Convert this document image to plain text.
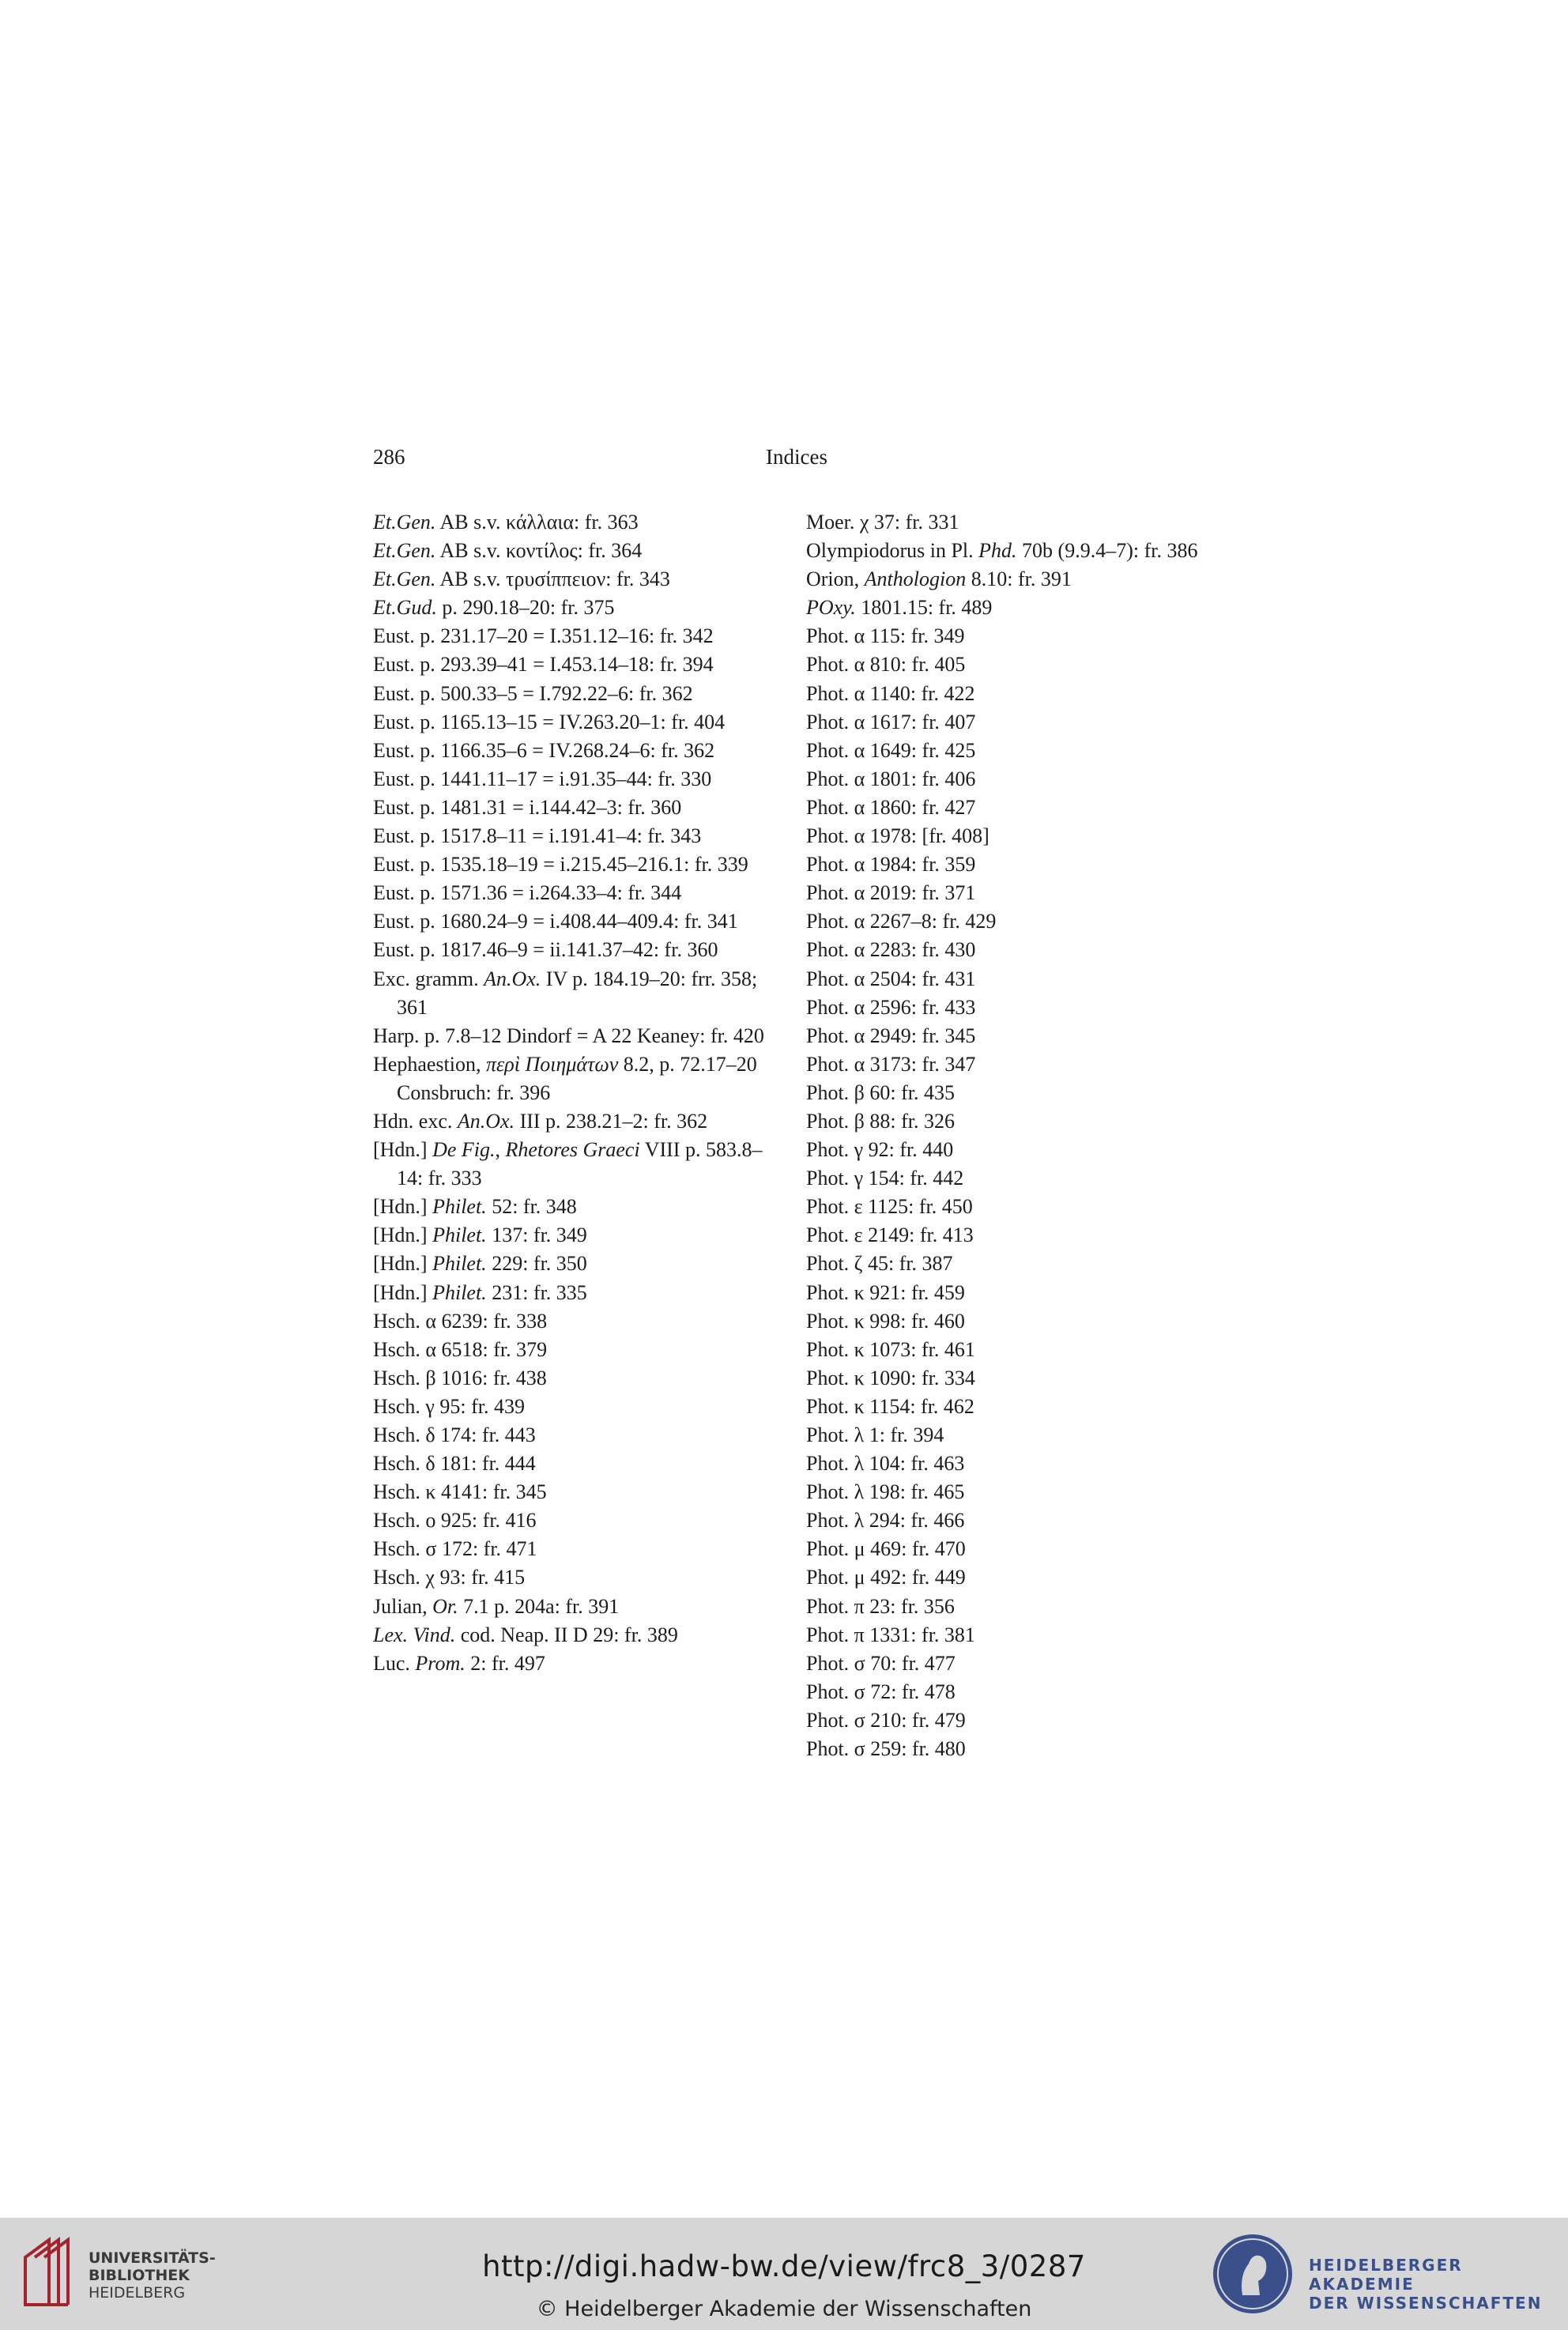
286	Indices
Et.Gen. AB s.v. κάλλαια: fr. 363
Et.Gen. AB s.v. κοντίλος: fr. 364
Et.Gen. AB s.v. τρυσίππειον: fr. 343
Et.Gud. p. 290.18–20: fr. 375
Eust. p. 231.17–20 = I.351.12–16: fr. 342
Eust. p. 293.39–41 = I.453.14–18: fr. 394
Eust. p. 500.33–5 = I.792.22–6: fr. 362
Eust. p. 1165.13–15 = IV.263.20–1: fr. 404
Eust. p. 1166.35–6 = IV.268.24–6: fr. 362
Eust. p. 1441.11–17 = i.91.35–44: fr. 330
Eust. p. 1481.31 = i.144.42–3: fr. 360
Eust. p. 1517.8–11 = i.191.41–4: fr. 343
Eust. p. 1535.18–19 = i.215.45–216.1: fr. 339
Eust. p. 1571.36 = i.264.33–4: fr. 344
Eust. p. 1680.24–9 = i.408.44–409.4: fr. 341
Eust. p. 1817.46–9 = ii.141.37–42: fr. 360
Exc. gramm. An.Ox. IV p. 184.19–20: frr. 358; 361
Harp. p. 7.8–12 Dindorf = A 22 Keaney: fr. 420
Hephaestion, περὶ Ποιημάτων 8.2, p. 72.17–20 Consbruch: fr. 396
Hdn. exc. An.Ox. III p. 238.21–2: fr. 362
[Hdn.] De Fig., Rhetores Graeci VIII p. 583.8–14: fr. 333
[Hdn.] Philet. 52: fr. 348
[Hdn.] Philet. 137: fr. 349
[Hdn.] Philet. 229: fr. 350
[Hdn.] Philet. 231: fr. 335
Hsch. α 6239: fr. 338
Hsch. α 6518: fr. 379
Hsch. β 1016: fr. 438
Hsch. γ 95: fr. 439
Hsch. δ 174: fr. 443
Hsch. δ 181: fr. 444
Hsch. κ 4141: fr. 345
Hsch. ο 925: fr. 416
Hsch. σ 172: fr. 471
Hsch. χ 93: fr. 415
Julian, Or. 7.1 p. 204a: fr. 391
Lex. Vind. cod. Neap. II D 29: fr. 389
Luc. Prom. 2: fr. 497
Moer. χ 37: fr. 331
Olympiodorus in Pl. Phd. 70b (9.9.4–7): fr. 386
Orion, Anthologion 8.10: fr. 391
POxy. 1801.15: fr. 489
Phot. α 115: fr. 349
Phot. α 810: fr. 405
Phot. α 1140: fr. 422
Phot. α 1617: fr. 407
Phot. α 1649: fr. 425
Phot. α 1801: fr. 406
Phot. α 1860: fr. 427
Phot. α 1978: [fr. 408]
Phot. α 1984: fr. 359
Phot. α 2019: fr. 371
Phot. α 2267–8: fr. 429
Phot. α 2283: fr. 430
Phot. α 2504: fr. 431
Phot. α 2596: fr. 433
Phot. α 2949: fr. 345
Phot. α 3173: fr. 347
Phot. β 60: fr. 435
Phot. β 88: fr. 326
Phot. γ 92: fr. 440
Phot. γ 154: fr. 442
Phot. ε 1125: fr. 450
Phot. ε 2149: fr. 413
Phot. ζ 45: fr. 387
Phot. κ 921: fr. 459
Phot. κ 998: fr. 460
Phot. κ 1073: fr. 461
Phot. κ 1090: fr. 334
Phot. κ 1154: fr. 462
Phot. λ 1: fr. 394
Phot. λ 104: fr. 463
Phot. λ 198: fr. 465
Phot. λ 294: fr. 466
Phot. μ 469: fr. 470
Phot. μ 492: fr. 449
Phot. π 23: fr. 356
Phot. π 1331: fr. 381
Phot. σ 70: fr. 477
Phot. σ 72: fr. 478
Phot. σ 210: fr. 479
Phot. σ 259: fr. 480
UNIVERSITÄTS-
BIBLIOTHEK
HEIDELBERG
http://digi.hadw-bw.de/view/frc8_3/0287
© Heidelberger Akademie der Wissenschaften
HEIDELBERGER AKADEMIE
DER WISSENSCHAFTEN
